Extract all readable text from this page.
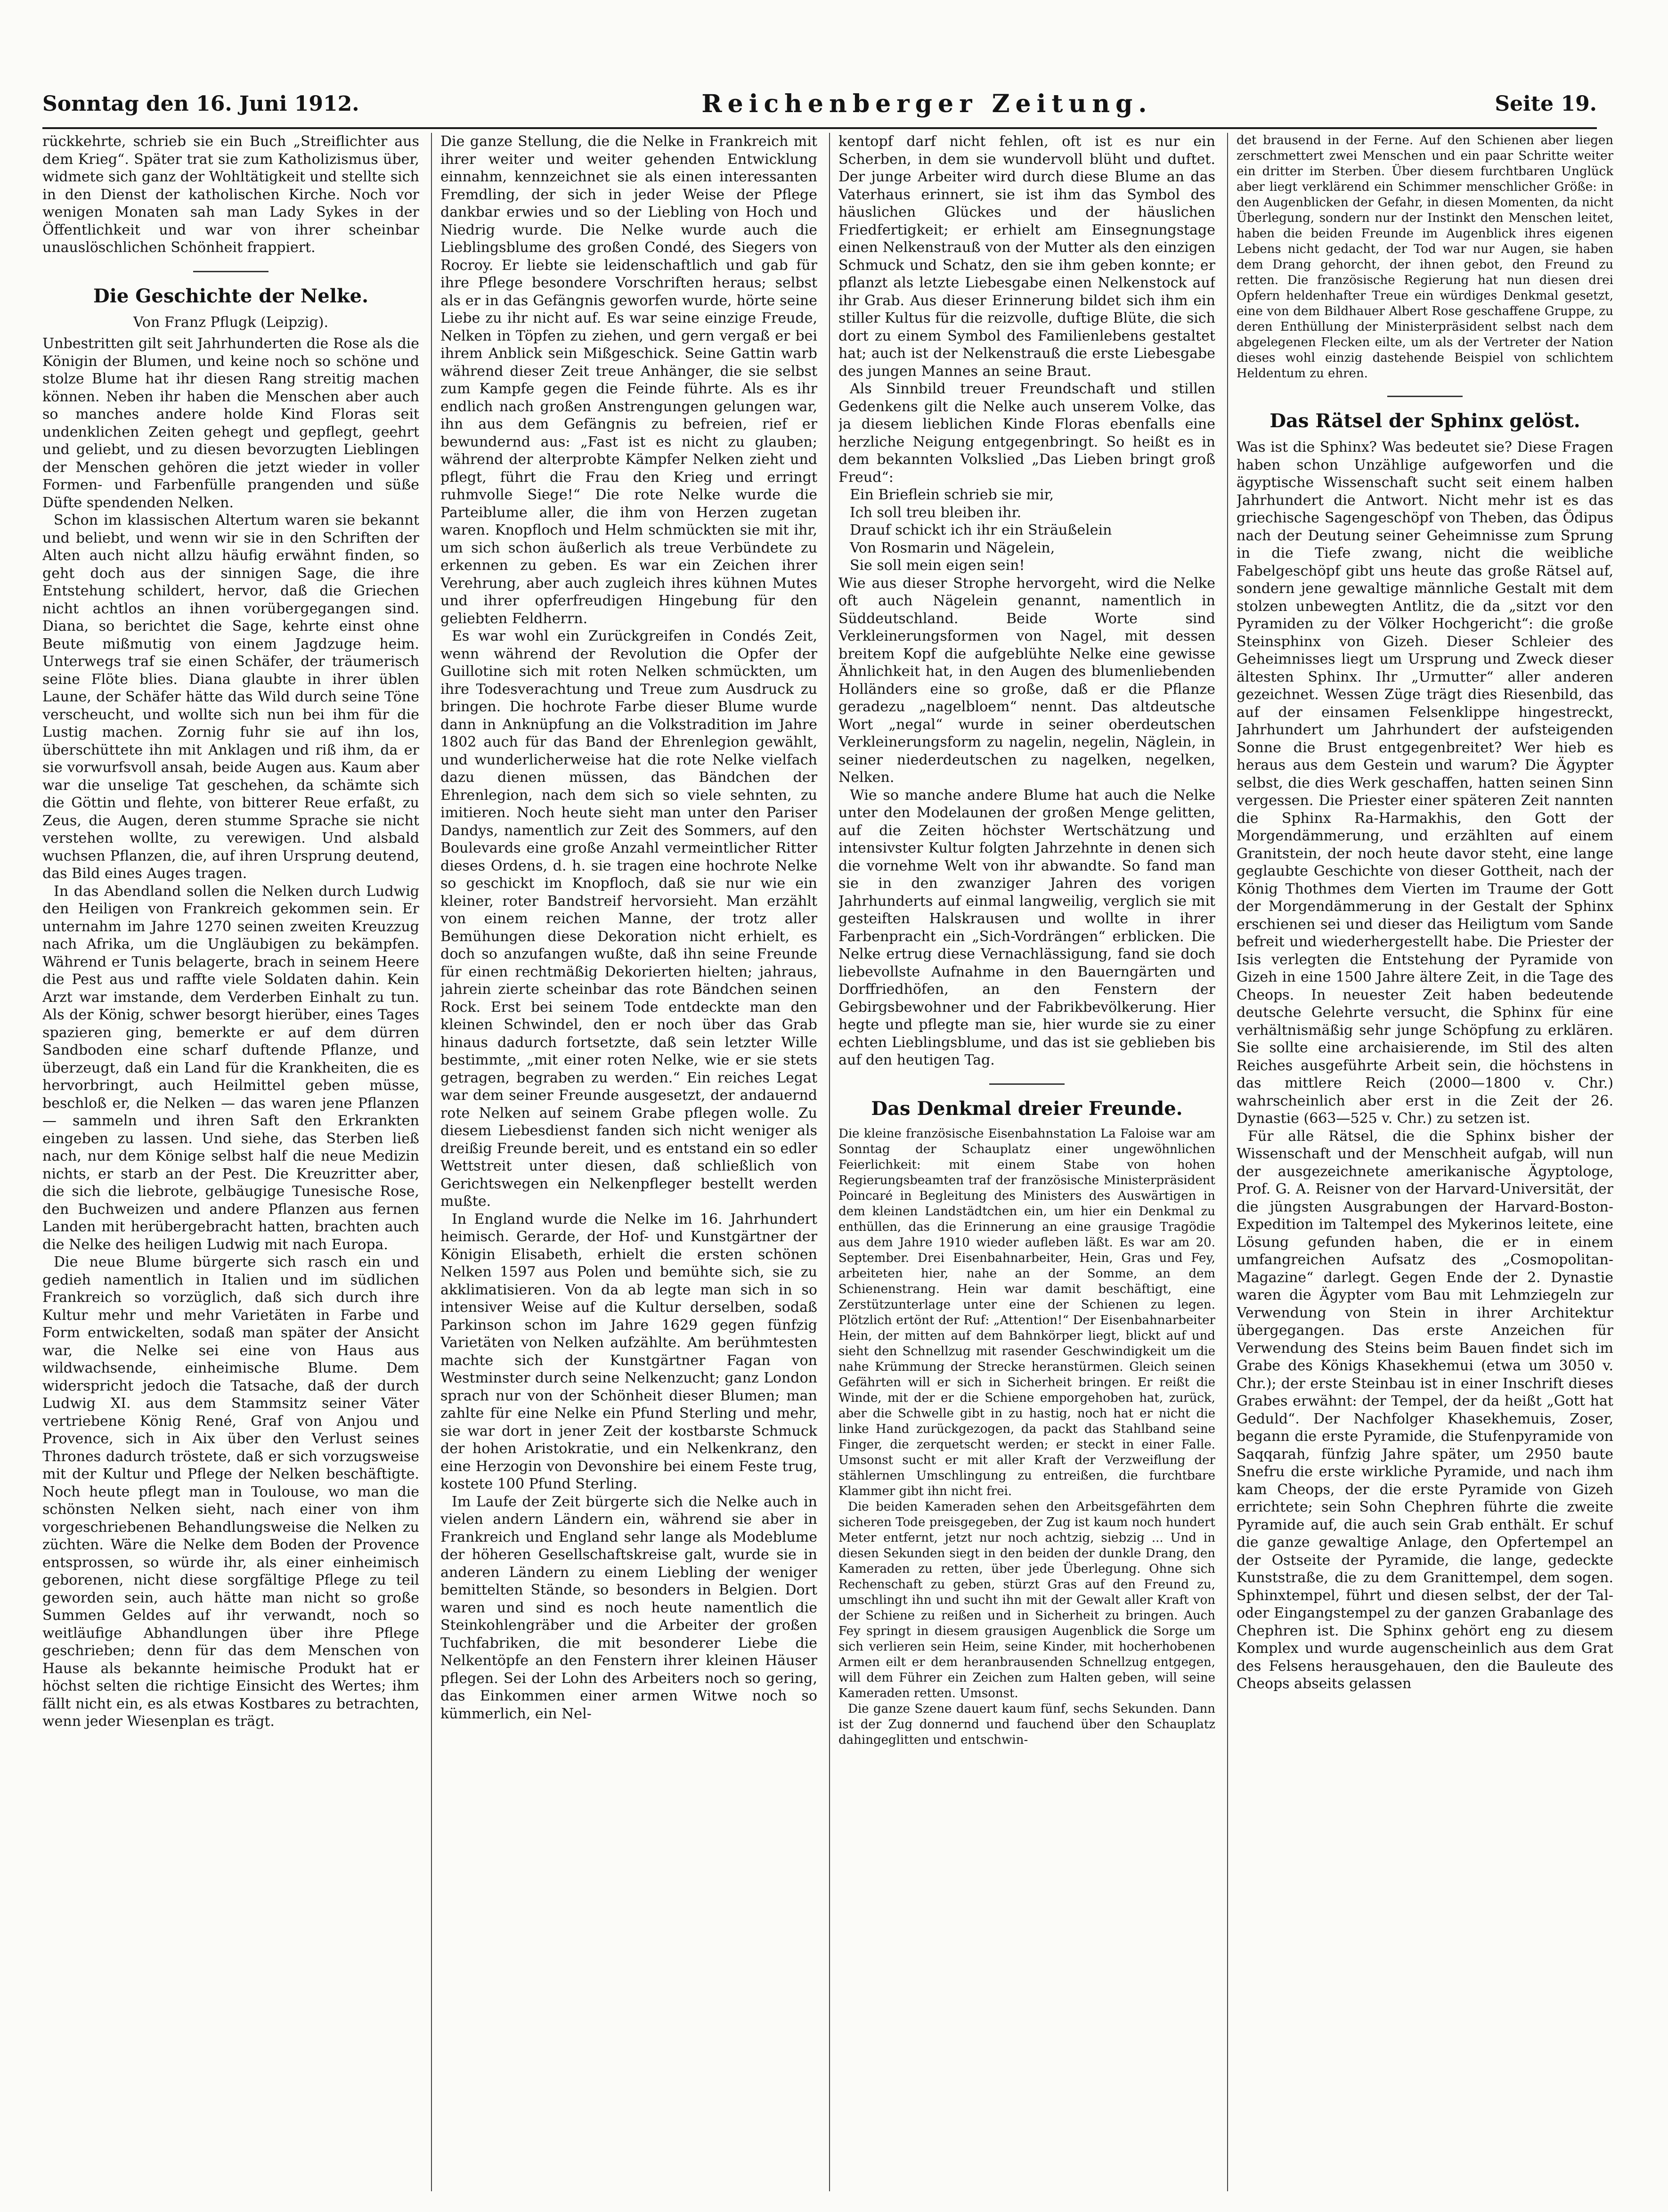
Sonntag den 16. Juni 1912.	Reichenberger Zeitung.	Seite 19.

rückkehrte, schrieb sie ein Buch „Streiflichter aus dem Krieg“. Später trat sie zum Katholizismus über, widmete sich ganz der Wohltätigkeit und stellte sich in den Dienst der katholischen Kirche. Noch vor wenigen Monaten sah man Lady Sykes in der Öffentlichkeit und war von ihrer scheinbar unauslöschlichen Schönheit frappiert.

Die Geschichte der Nelke.
Von Franz Pflugk (Leipzig).

Unbestritten gilt seit Jahrhunderten die Rose als die Königin der Blumen, und keine noch so schöne und stolze Blume hat ihr diesen Rang streitig machen können. Neben ihr haben die Menschen aber auch so manches andere holde Kind Floras seit undenklichen Zeiten gehegt und gepflegt, geehrt und geliebt, und zu diesen bevorzugten Lieblingen der Menschen gehören die jetzt wieder in voller Formen- und Farbenfülle prangenden und süße Düfte spendenden Nelken.

Schon im klassischen Altertum waren sie bekannt und beliebt, und wenn wir sie in den Schriften der Alten auch nicht allzu häufig erwähnt finden, so geht doch aus der sinnigen Sage, die ihre Entstehung schildert, hervor, daß die Griechen nicht achtlos an ihnen vorübergegangen sind. Diana, so berichtet die Sage, kehrte einst ohne Beute mißmutig von einem Jagdzuge heim. Unterwegs traf sie einen Schäfer, der träumerisch seine Flöte blies. Diana glaubte in ihrer üblen Laune, der Schäfer hätte das Wild durch seine Töne verscheucht, und wollte sich nun bei ihm für die Lustig machen. Zornig fuhr sie auf ihn los, überschüttete ihn mit Anklagen und riß ihm, da er sie vorwurfsvoll ansah, beide Augen aus. Kaum aber war die unselige Tat geschehen, da schämte sich die Göttin und flehte, von bitterer Reue erfaßt, zu Zeus, die Augen, deren stumme Sprache sie nicht verstehen wollte, zu verewigen. Und alsbald wuchsen Pflanzen, die, auf ihren Ursprung deutend, das Bild eines Auges tragen.

In das Abendland sollen die Nelken durch Ludwig den Heiligen von Frankreich gekommen sein. Er unternahm im Jahre 1270 seinen zweiten Kreuzzug nach Afrika, um die Ungläubigen zu bekämpfen. Während er Tunis belagerte, brach in seinem Heere die Pest aus und raffte viele Soldaten dahin. Kein Arzt war imstande, dem Verderben Einhalt zu tun. Als der König, schwer besorgt hierüber, eines Tages spazieren ging, bemerkte er auf dem dürren Sandboden eine scharf duftende Pflanze, und überzeugt, daß ein Land für die Krankheiten, die es hervorbringt, auch Heilmittel geben müsse, beschloß er, die Nelken — das waren jene Pflanzen — sammeln und ihren Saft den Erkrankten eingeben zu lassen. Und siehe, das Sterben ließ nach, nur dem Könige selbst half die neue Medizin nichts, er starb an der Pest. Die Kreuzritter aber, die sich die liebrote, gelbäugige Tunesische Rose, den Buchweizen und andere Pflanzen aus fernen Landen mit herübergebracht hatten, brachten auch die Nelke des heiligen Ludwig mit nach Europa.

Die neue Blume bürgerte sich rasch ein und gedieh namentlich in Italien und im südlichen Frankreich so vorzüglich, daß sich durch ihre Kultur mehr und mehr Varietäten in Farbe und Form entwickelten, sodaß man später der Ansicht war, die Nelke sei eine von Haus aus wildwachsende, einheimische Blume. Dem widerspricht jedoch die Tatsache, daß der durch Ludwig XI. aus dem Stammsitz seiner Väter vertriebene König René, Graf von Anjou und Provence, sich in Aix über den Verlust seines Thrones dadurch tröstete, daß er sich vorzugsweise mit der Kultur und Pflege der Nelken beschäftigte. Noch heute pflegt man in Toulouse, wo man die schönsten Nelken sieht, nach einer von ihm vorgeschriebenen Behandlungsweise die Nelken zu züchten. Wäre die Nelke dem Boden der Provence entsprossen, so würde ihr, als einer einheimisch geborenen, nicht diese sorgfältige Pflege zu teil geworden sein, auch hätte man nicht so große Summen Geldes auf ihr verwandt, noch so weitläufige Abhandlungen über ihre Pflege geschrieben; denn für das dem Menschen von Hause als bekannte heimische Produkt hat er höchst selten die richtige Einsicht des Wertes; ihm fällt nicht ein, es als etwas Kostbares zu betrachten, wenn jeder Wiesenplan es trägt.

Die ganze Stellung, die die Nelke in Frankreich mit ihrer weiter und weiter gehenden Entwicklung einnahm, kennzeichnet sie als einen interessanten Fremdling, der sich in jeder Weise der Pflege dankbar erwies und so der Liebling von Hoch und Niedrig wurde. Die Nelke wurde auch die Lieblingsblume des großen Condé, des Siegers von Rocroy. Er liebte sie leidenschaftlich und gab für ihre Pflege besondere Vorschriften heraus; selbst als er in das Gefängnis geworfen wurde, hörte seine Liebe zu ihr nicht auf. Es war seine einzige Freude, Nelken in Töpfen zu ziehen, und gern vergaß er bei ihrem Anblick sein Mißgeschick. Seine Gattin warb während dieser Zeit treue Anhänger, die sie selbst zum Kampfe gegen die Feinde führte. Als es ihr endlich nach großen Anstrengungen gelungen war, ihn aus dem Gefängnis zu befreien, rief er bewundernd aus: „Fast ist es nicht zu glauben; während der alterprobte Kämpfer Nelken zieht und pflegt, führt die Frau den Krieg und erringt ruhmvolle Siege!“ Die rote Nelke wurde die Parteiblume aller, die ihm von Herzen zugetan waren. Knopfloch und Helm schmückten sie mit ihr, um sich schon äußerlich als treue Verbündete zu erkennen zu geben. Es war ein Zeichen ihrer Verehrung, aber auch zugleich ihres kühnen Mutes und ihrer opferfreudigen Hingebung für den geliebten Feldherrn.

Es war wohl ein Zurückgreifen in Condés Zeit, wenn während der Revolution die Opfer der Guillotine sich mit roten Nelken schmückten, um ihre Todesverachtung und Treue zum Ausdruck zu bringen. Die hochrote Farbe dieser Blume wurde dann in Anknüpfung an die Volkstradition im Jahre 1802 auch für das Band der Ehrenlegion gewählt, und wunderlicherweise hat die rote Nelke vielfach dazu dienen müssen, das Bändchen der Ehrenlegion, nach dem sich so viele sehnten, zu imitieren. Noch heute sieht man unter den Pariser Dandys, namentlich zur Zeit des Sommers, auf den Boulevards eine große Anzahl vermeintlicher Ritter dieses Ordens, d. h. sie tragen eine hochrote Nelke so geschickt im Knopfloch, daß sie nur wie ein kleiner, roter Bandstreif hervorsieht. Man erzählt von einem reichen Manne, der trotz aller Bemühungen diese Dekoration nicht erhielt, es doch so anzufangen wußte, daß ihn seine Freunde für einen rechtmäßig Dekorierten hielten; jahraus, jahrein zierte scheinbar das rote Bändchen seinen Rock. Erst bei seinem Tode entdeckte man den kleinen Schwindel, den er noch über das Grab hinaus dadurch fortsetzte, daß sein letzter Wille bestimmte, „mit einer roten Nelke, wie er sie stets getragen, begraben zu werden.“ Ein reiches Legat war dem seiner Freunde ausgesetzt, der andauernd rote Nelken auf seinem Grabe pflegen wolle. Zu diesem Liebesdienst fanden sich nicht weniger als dreißig Freunde bereit, und es entstand ein so edler Wettstreit unter diesen, daß schließlich von Gerichtswegen ein Nelkenpfleger bestellt werden mußte.

In England wurde die Nelke im 16. Jahrhundert heimisch. Gerarde, der Hof- und Kunstgärtner der Königin Elisabeth, erhielt die ersten schönen Nelken 1597 aus Polen und bemühte sich, sie zu akklimatisieren. Von da ab legte man sich in so intensiver Weise auf die Kultur derselben, sodaß Parkinson schon im Jahre 1629 gegen fünfzig Varietäten von Nelken aufzählte. Am berühmtesten machte sich der Kunstgärtner Fagan von Westminster durch seine Nelkenzucht; ganz London sprach nur von der Schönheit dieser Blumen; man zahlte für eine Nelke ein Pfund Sterling und mehr, sie war dort in jener Zeit der kostbarste Schmuck der hohen Aristokratie, und ein Nelkenkranz, den eine Herzogin von Devonshire bei einem Feste trug, kostete 100 Pfund Sterling.

Im Laufe der Zeit bürgerte sich die Nelke auch in vielen andern Ländern ein, während sie aber in Frankreich und England sehr lange als Modeblume der höheren Gesellschaftskreise galt, wurde sie in anderen Ländern zu einem Liebling der weniger bemittelten Stände, so besonders in Belgien. Dort waren und sind es noch heute namentlich die Steinkohlengräber und die Arbeiter der großen Tuchfabriken, die mit besonderer Liebe die Nelkentöpfe an den Fenstern ihrer kleinen Häuser pflegen. Sei der Lohn des Arbeiters noch so gering, das Einkommen einer armen Witwe noch so kümmerlich, ein Nel-

kentopf darf nicht fehlen, oft ist es nur ein Scherben, in dem sie wundervoll blüht und duftet. Der junge Arbeiter wird durch diese Blume an das Vaterhaus erinnert, sie ist ihm das Symbol des häuslichen Glückes und der häuslichen Friedfertigkeit; er erhielt am Einsegnungstage einen Nelkenstrauß von der Mutter als den einzigen Schmuck und Schatz, den sie ihm geben konnte; er pflanzt als letzte Liebesgabe einen Nelkenstock auf ihr Grab. Aus dieser Erinnerung bildet sich ihm ein stiller Kultus für die reizvolle, duftige Blüte, die sich dort zu einem Symbol des Familienlebens gestaltet hat; auch ist der Nelkenstrauß die erste Liebesgabe des jungen Mannes an seine Braut.

Als Sinnbild treuer Freundschaft und stillen Gedenkens gilt die Nelke auch unserem Volke, das ja diesem lieblichen Kinde Floras ebenfalls eine herzliche Neigung entgegenbringt. So heißt es in dem bekannten Volkslied „Das Lieben bringt groß Freud“:

Ein Brieflein schrieb sie mir,
Ich soll treu bleiben ihr.
Drauf schickt ich ihr ein Sträußelein
Von Rosmarin und Nägelein,
Sie soll mein eigen sein!

Wie aus dieser Strophe hervorgeht, wird die Nelke oft auch Nägelein genannt, namentlich in Süddeutschland. Beide Worte sind Verkleinerungsformen von Nagel, mit dessen breitem Kopf die aufgeblühte Nelke eine gewisse Ähnlichkeit hat, in den Augen des blumenliebenden Holländers eine so große, daß er die Pflanze geradezu „nagelbloem“ nennt. Das altdeutsche Wort „negal“ wurde in seiner oberdeutschen Verkleinerungsform zu nagelin, negelin, Näglein, in seiner niederdeutschen zu nagelken, negelken, Nelken.

Wie so manche andere Blume hat auch die Nelke unter den Modelaunen der großen Menge gelitten, auf die Zeiten höchster Wertschätzung und intensivster Kultur folgten Jahrzehnte in denen sich die vornehme Welt von ihr abwandte. So fand man sie in den zwanziger Jahren des vorigen Jahrhunderts auf einmal langweilig, verglich sie mit gesteiften Halskrausen und wollte in ihrer Farbenpracht ein „Sich-Vordrängen“ erblicken. Die Nelke ertrug diese Vernachlässigung, fand sie doch liebevollste Aufnahme in den Bauerngärten und Dorffriedhöfen, an den Fenstern der Gebirgsbewohner und der Fabrikbevölkerung. Hier hegte und pflegte man sie, hier wurde sie zu einer echten Lieblingsblume, und das ist sie geblieben bis auf den heutigen Tag.

Das Denkmal dreier Freunde.

Die kleine französische Eisenbahnstation La Faloise war am Sonntag der Schauplatz einer ungewöhnlichen Feierlichkeit: mit einem Stabe von hohen Regierungsbeamten traf der französische Ministerpräsident Poincaré in Begleitung des Ministers des Auswärtigen in dem kleinen Landstädtchen ein, um hier ein Denkmal zu enthüllen, das die Erinnerung an eine grausige Tragödie aus dem Jahre 1910 wieder aufleben läßt. Es war am 20. September. Drei Eisenbahnarbeiter, Hein, Gras und Fey, arbeiteten hier, nahe an der Somme, an dem Schienenstrang. Hein war damit beschäftigt, eine Zerstützunterlage unter eine der Schienen zu legen. Plötzlich ertönt der Ruf: „Attention!“ Der Eisenbahnarbeiter Hein, der mitten auf dem Bahnkörper liegt, blickt auf und sieht den Schnellzug mit rasender Geschwindigkeit um die nahe Krümmung der Strecke heranstürmen. Gleich seinen Gefährten will er sich in Sicherheit bringen. Er reißt die Winde, mit der er die Schiene emporgehoben hat, zurück, aber die Schwelle gibt in zu hastig, noch hat er nicht die linke Hand zurückgezogen, da packt das Stahlband seine Finger, die zerquetscht werden; er steckt in einer Falle. Umsonst sucht er mit aller Kraft der Verzweiflung der stählernen Umschlingung zu entreißen, die furchtbare Klammer gibt ihn nicht frei.

Die beiden Kameraden sehen den Arbeitsgefährten dem sicheren Tode preisgegeben, der Zug ist kaum noch hundert Meter entfernt, jetzt nur noch achtzig, siebzig ... Und in diesen Sekunden siegt in den beiden der dunkle Drang, den Kameraden zu retten, über jede Überlegung. Ohne sich Rechenschaft zu geben, stürzt Gras auf den Freund zu, umschlingt ihn und sucht ihn mit der Gewalt aller Kraft von der Schiene zu reißen und in Sicherheit zu bringen. Auch Fey springt in diesem grausigen Augenblick die Sorge um sich verlieren sein Heim, seine Kinder, mit hocherhobenen Armen eilt er dem heranbrausenden Schnellzug entgegen, will dem Führer ein Zeichen zum Halten geben, will seine Kameraden retten. Umsonst.

Die ganze Szene dauert kaum fünf, sechs Sekunden. Dann ist der Zug donnernd und fauchend über den Schauplatz dahingeglitten und entschwin-

det brausend in der Ferne. Auf den Schienen aber liegen zerschmettert zwei Menschen und ein paar Schritte weiter ein dritter im Sterben. Über diesem furchtbaren Unglück aber liegt verklärend ein Schimmer menschlicher Größe: in den Augenblicken der Gefahr, in diesen Momenten, da nicht Überlegung, sondern nur der Instinkt den Menschen leitet, haben die beiden Freunde im Augenblick ihres eigenen Lebens nicht gedacht, der Tod war nur Augen, sie haben dem Drang gehorcht, der ihnen gebot, den Freund zu retten. Die französische Regierung hat nun diesen drei Opfern heldenhafter Treue ein würdiges Denkmal gesetzt, eine von dem Bildhauer Albert Rose geschaffene Gruppe, zu deren Enthüllung der Ministerpräsident selbst nach dem abgelegenen Flecken eilte, um als der Vertreter der Nation dieses wohl einzig dastehende Beispiel von schlichtem Heldentum zu ehren.

Das Rätsel der Sphinx gelöst.

Was ist die Sphinx? Was bedeutet sie? Diese Fragen haben schon Unzählige aufgeworfen und die ägyptische Wissenschaft sucht seit einem halben Jahrhundert die Antwort. Nicht mehr ist es das griechische Sagengeschöpf von Theben, das Ödipus nach der Deutung seiner Geheimnisse zum Sprung in die Tiefe zwang, nicht die weibliche Fabelgeschöpf gibt uns heute das große Rätsel auf, sondern jene gewaltige männliche Gestalt mit dem stolzen unbewegten Antlitz, die da „sitzt vor den Pyramiden zu der Völker Hochgericht“: die große Steinsphinx von Gizeh. Dieser Schleier des Geheimnisses liegt um Ursprung und Zweck dieser ältesten Sphinx. Ihr „Urmutter“ aller anderen gezeichnet. Wessen Züge trägt dies Riesenbild, das auf der einsamen Felsenklippe hingestreckt, Jahrhundert um Jahrhundert der aufsteigenden Sonne die Brust entgegenbreitet? Wer hieb es heraus aus dem Gestein und warum? Die Ägypter selbst, die dies Werk geschaffen, hatten seinen Sinn vergessen. Die Priester einer späteren Zeit nannten die Sphinx Ra-Harmakhis, den Gott der Morgendämmerung, und erzählten auf einem Granitstein, der noch heute davor steht, eine lange geglaubte Geschichte von dieser Gottheit, nach der König Thothmes dem Vierten im Traume der Gott der Morgendämmerung in der Gestalt der Sphinx erschienen sei und dieser das Heiligtum vom Sande befreit und wiederhergestellt habe. Die Priester der Isis verlegten die Entstehung der Pyramide von Gizeh in eine 1500 Jahre ältere Zeit, in die Tage des Cheops. In neuester Zeit haben bedeutende deutsche Gelehrte versucht, die Sphinx für eine verhältnismäßig sehr junge Schöpfung zu erklären. Sie sollte eine archaisierende, im Stil des alten Reiches ausgeführte Arbeit sein, die höchstens in das mittlere Reich (2000—1800 v. Chr.) wahrscheinlich aber erst in die Zeit der 26. Dynastie (663—525 v. Chr.) zu setzen ist.

Für alle Rätsel, die die Sphinx bisher der Wissenschaft und der Menschheit aufgab, will nun der ausgezeichnete amerikanische Ägyptologe, Prof. G. A. Reisner von der Harvard-Universität, der die jüngsten Ausgrabungen der Harvard-Boston-Expedition im Taltempel des Mykerinos leitete, eine Lösung gefunden haben, die er in einem umfangreichen Aufsatz des „Cosmopolitan-Magazine“ darlegt. Gegen Ende der 2. Dynastie waren die Ägypter vom Bau mit Lehmziegeln zur Verwendung von Stein in ihrer Architektur übergegangen. Das erste Anzeichen für Verwendung des Steins beim Bauen findet sich im Grabe des Königs Khasekhemui (etwa um 3050 v. Chr.); der erste Steinbau ist in einer Inschrift dieses Grabes erwähnt: der Tempel, der da heißt „Gott hat Geduld“. Der Nachfolger Khasekhemuis, Zoser, begann die erste Pyramide, die Stufenpyramide von Saqqarah, fünfzig Jahre später, um 2950 baute Snefru die erste wirkliche Pyramide, und nach ihm kam Cheops, der die erste Pyramide von Gizeh errichtete; sein Sohn Chephren führte die zweite Pyramide auf, die auch sein Grab enthält. Er schuf die ganze gewaltige Anlage, den Opfertempel an der Ostseite der Pyramide, die lange, gedeckte Kunststraße, die zu dem Granittempel, dem sogen. Sphinxtempel, führt und diesen selbst, der der Tal- oder Eingangstempel zu der ganzen Grabanlage des Chephren ist. Die Sphinx gehört eng zu diesem Komplex und wurde augenscheinlich aus dem Grat des Felsens herausgehauen, den die Bauleute des Cheops abseits gelassen
